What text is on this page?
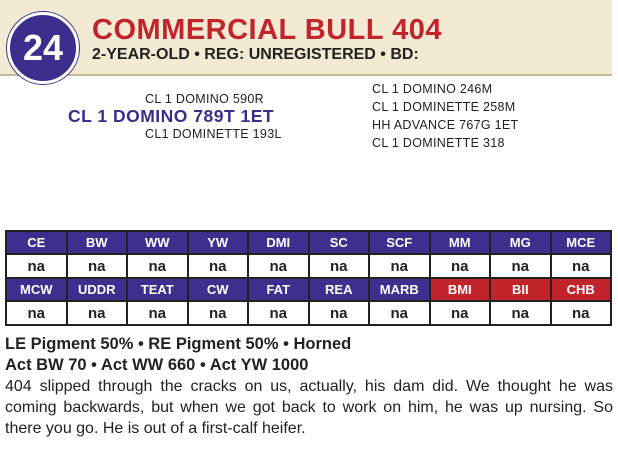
COMMERCIAL BULL 404
2-YEAR-OLD • REG: UNREGISTERED • BD:
24
CL 1 DOMINO 590R
CL 1 DOMINO 789T 1ET
CL1 DOMINETTE 193L
CL 1 DOMINO 246M
CL 1 DOMINETTE 258M
HH ADVANCE 767G 1ET
CL 1 DOMINETTE 318
CE	BW	WW	YW	DMI	SC	SCF	MM	MG	MCE
na	na	na	na	na	na	na	na	na	na
MCW	UDDR	TEAT	CW	FAT	REA	MARB	BMI	BII	CHB
na	na	na	na	na	na	na	na	na	na
LE Pigment 50% • RE Pigment 50% • Horned
Act BW 70 • Act WW 660 • Act YW 1000
404 slipped through the cracks on us, actually, his dam did. We thought he was coming backwards, but when we got back to work on him, he was up nursing. So there you go. He is out of a first-calf heifer.
